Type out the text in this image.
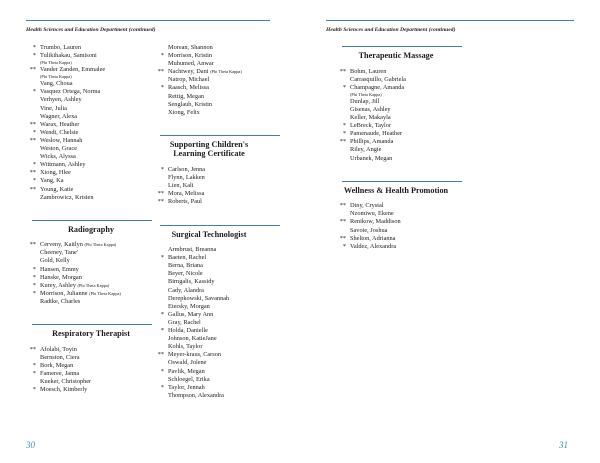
Health Sciences and Education Department (continued)
* Trumbo, Lauren
* Tulikihakau, Samisoni
(Phi Theta Kappa)
** Vander Zanden, Emmalee
(Phi Theta Kappa)
Vang, Choua
* Vasquez Ortega, Norma
Verhyen, Ashley
Vine, Julia
Wagner, Alexa
** Warax, Heather
* Wendt, Chelsie
** Weslow, Hannah
Weston, Grace
Wicks, Alyssa
* Wittmann, Ashley
** Xiong, Hlee
* Yang, Ka
** Young, Katie
Zambrowicz, Kristen
Radiography
** Cerveny, Kaitlyn (Phi Theta Kappa)
Cheeney, Tane'
Gold, Kelly
* Hansen, Emmy
* Hanske, Morgan
* Kurey, Ashley (Phi Theta Kappa)
* Morrison, Julianne (Phi Theta Kappa)
Radtke, Charles
Respiratory Therapist
** Afolabi, Toyin
Bernston, Ciera
* Bork, Megan
* Fameree, Janna
Kueker, Christopher
* Moesch, Kimberly
Morean, Shannon
* Morrison, Kristin
Muhumed, Anwar
** Nachtwey, Dani (Phi Theta Kappa)
Natrop, Michael
* Raasch, Melissa
Rettig, Megan
Senglaub, Kristin
Xiong, Felix
Supporting Children's Learning Certificate
* Carlson, Jenna
Flynn, Lakken
Lien, Kali
** Mora, Melissa
** Roberts, Paul
Surgical Technologist
Armbrust, Breanna
* Baeten, Rachel
Berna, Briana
Beyer, Nicole
Birngalis, Kassidy
Cady, Alandra
Derepkowski, Savannah
Etersky, Morgan
* Gallus, Mary Ann
Gray, Rachel
* Holda, Danielle
Johnson, KatieJane
Kohls, Taylor
** Meyer-kraus, Carson
Oswald, Jolene
* Pavlik, Megan
Schloegel, Erika
* Taylor, Jennah
Thompson, Alexandra
30
Health Sciences and Education Department (continued)
Therapeutic Massage
** Bohm, Lauren
Carrasquillo, Gabriela
* Champagne, Amanda
(Phi Theta Kappa)
Dunlap, Jill
Gisenas, Ashley
Keller, Makayla
* LeBreck, Taylor
* Pamenaude, Heather
** Phillips, Amanda
Riley, Angie
Urbanek, Megan
Wellness & Health Promotion
** Diny, Crystal
Nzomiwu, Ekene
** Renikow, Maddison
Savoie, Joshua
** Shelton, Adrianna
* Valdez, Alexandra
31
